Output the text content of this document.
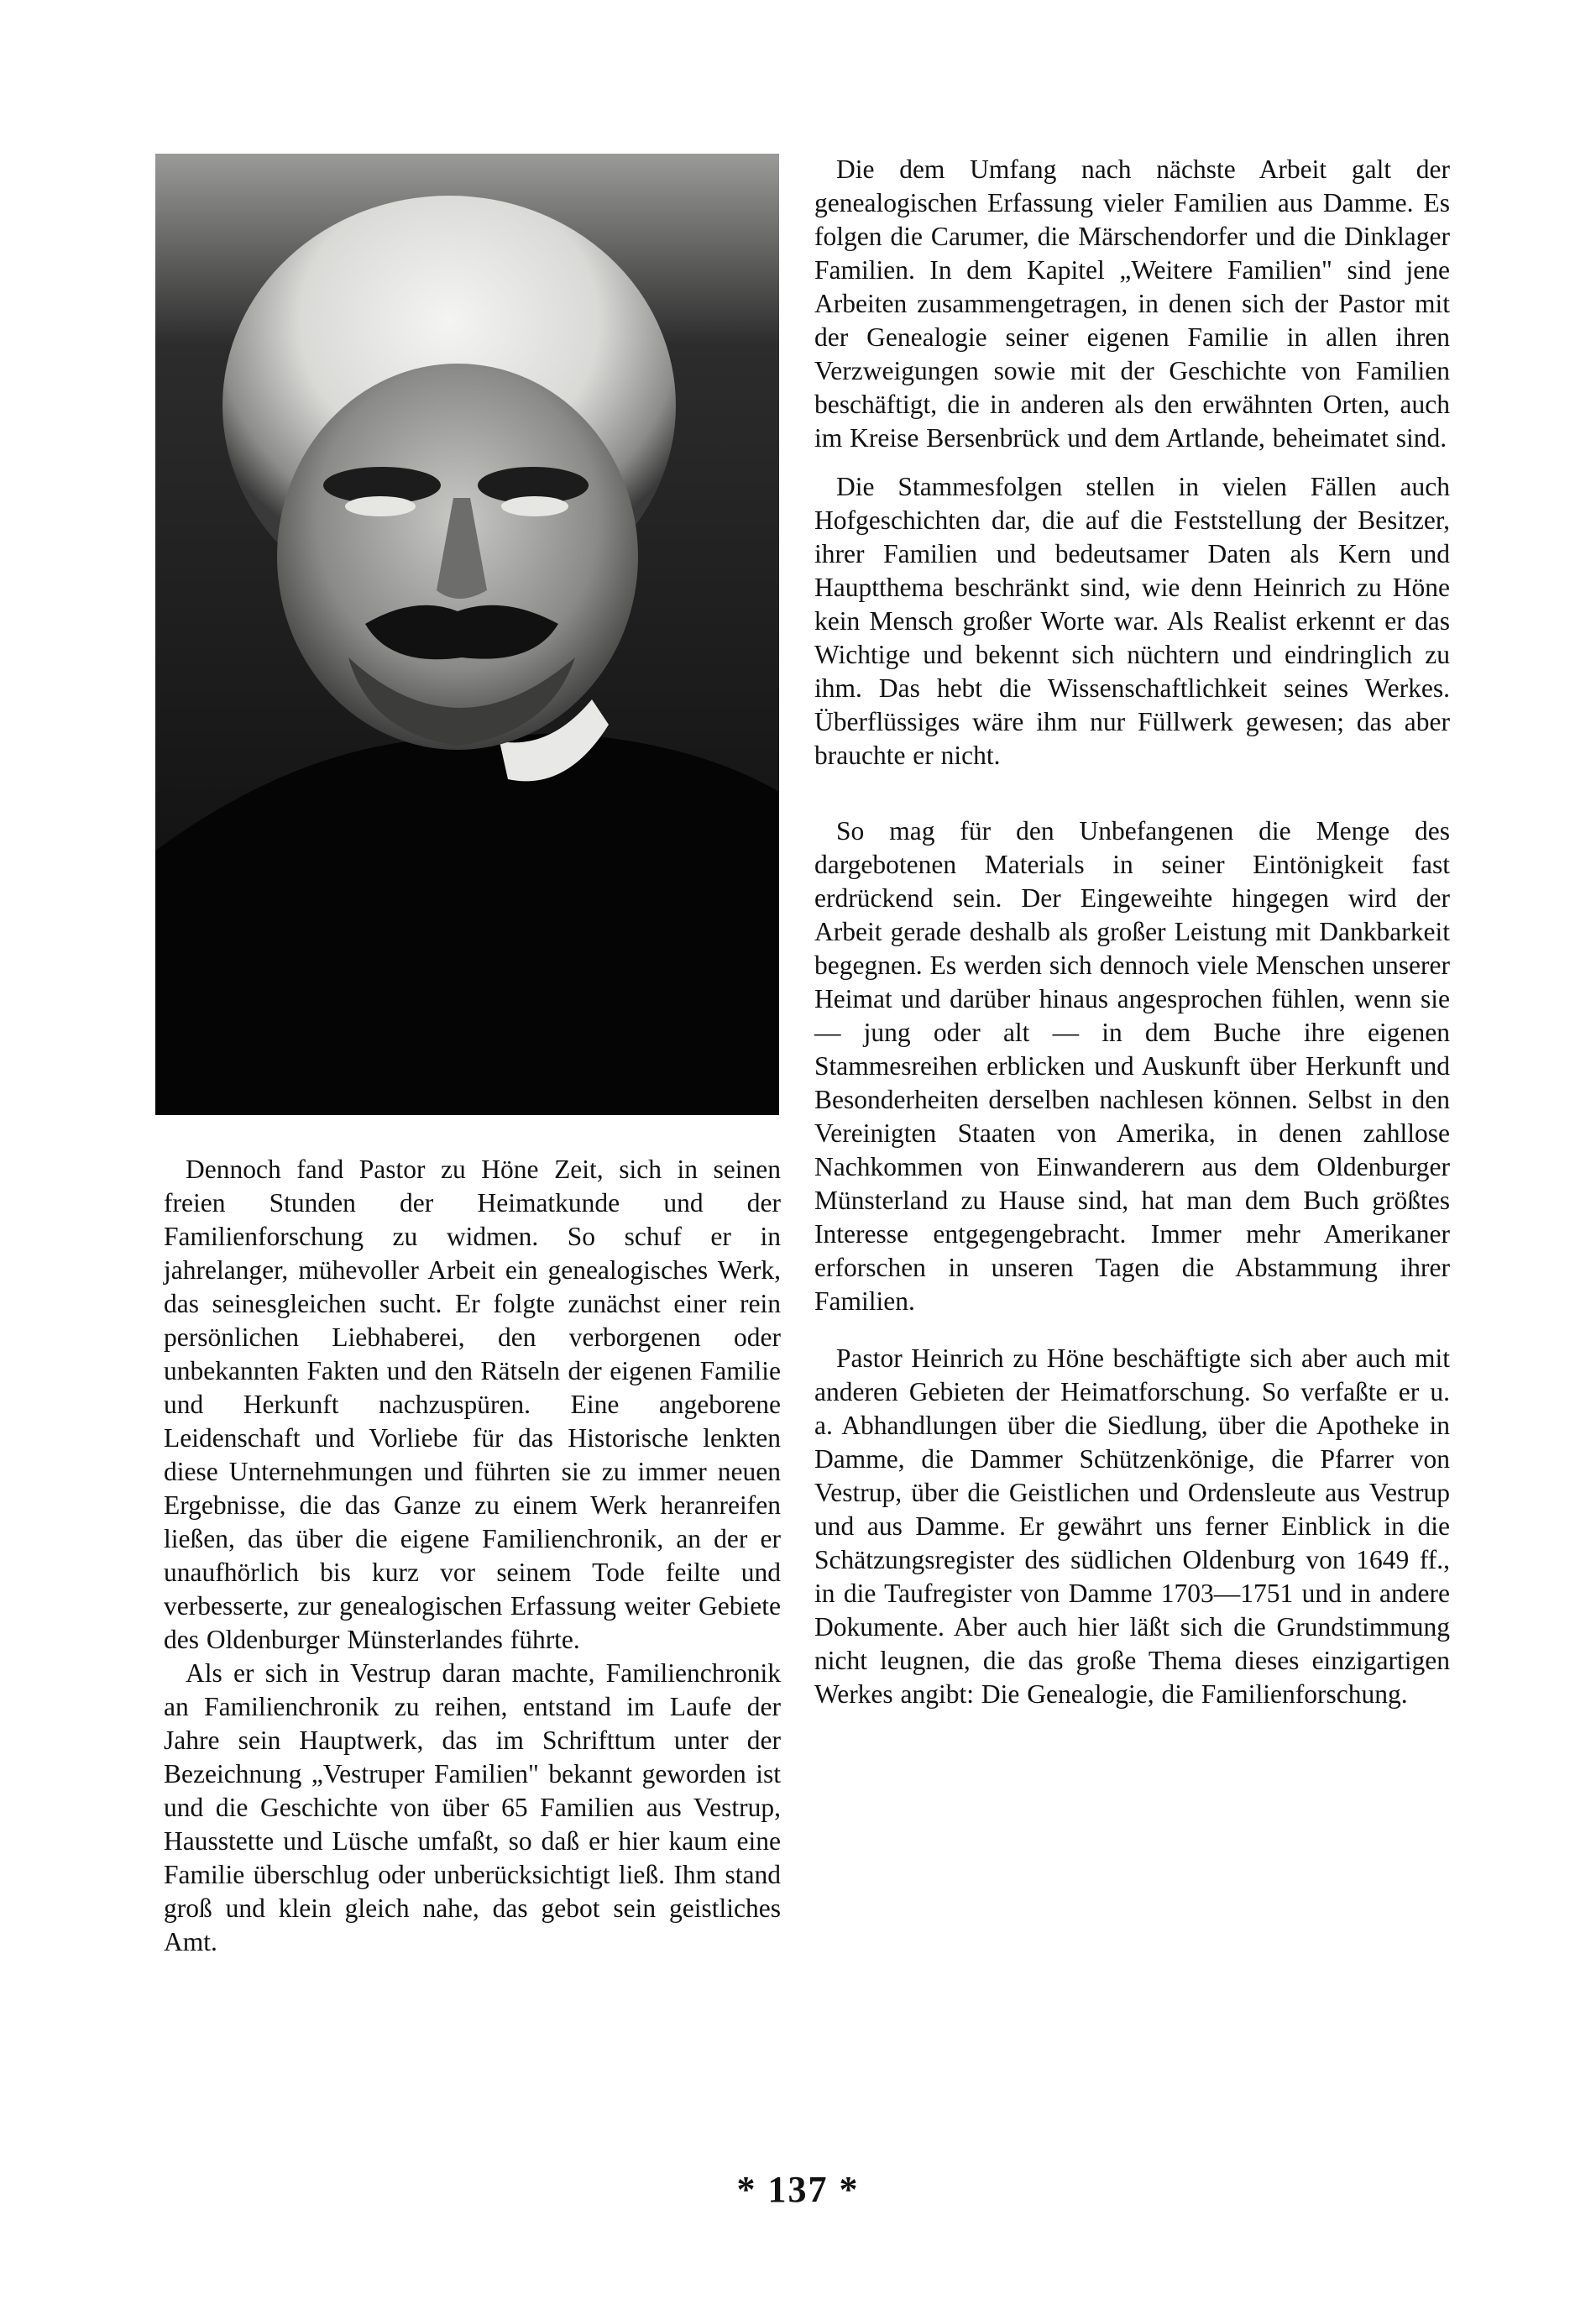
Dennoch fand Pastor zu Höne Zeit, sich in seinen freien Stunden der Heimatkunde und der Familienforschung zu widmen. So schuf er in jahrelanger, mühevoller Arbeit ein genealogisches Werk, das seinesgleichen sucht. Er folgte zunächst einer rein persönlichen Liebhaberei, den verborgenen oder unbekannten Fakten und den Rätseln der eigenen Familie und Herkunft nachzuspüren. Eine angeborene Leidenschaft und Vorliebe für das Historische lenkten diese Unternehmungen und führten sie zu immer neuen Ergebnisse, die das Ganze zu einem Werk heranreifen ließen, das über die eigene Familienchronik, an der er unaufhörlich bis kurz vor seinem Tode feilte und verbesserte, zur genealogischen Erfassung weiter Gebiete des Oldenburger Münsterlandes führte.

Als er sich in Vestrup daran machte, Familienchronik an Familienchronik zu reihen, entstand im Laufe der Jahre sein Hauptwerk, das im Schrifttum unter der Bezeichnung „Vestruper Familien" bekannt geworden ist und die Geschichte von über 65 Familien aus Vestrup, Hausstette und Lüsche umfaßt, so daß er hier kaum eine Familie überschlug oder unberücksichtigt ließ. Ihm stand groß und klein gleich nahe, das gebot sein geistliches Amt.

Die dem Umfang nach nächste Arbeit galt der genealogischen Erfassung vieler Familien aus Damme. Es folgen die Carumer, die Märschendorfer und die Dinklager Familien. In dem Kapitel „Weitere Familien" sind jene Arbeiten zusammengetragen, in denen sich der Pastor mit der Genealogie seiner eigenen Familie in allen ihren Verzweigungen sowie mit der Geschichte von Familien beschäftigt, die in anderen als den erwähnten Orten, auch im Kreise Bersenbrück und dem Artlande, beheimatet sind.

Die Stammesfolgen stellen in vielen Fällen auch Hofgeschichten dar, die auf die Feststellung der Besitzer, ihrer Familien und bedeutsamer Daten als Kern und Hauptthema beschränkt sind, wie denn Heinrich zu Höne kein Mensch großer Worte war. Als Realist erkennt er das Wichtige und bekennt sich nüchtern und eindringlich zu ihm. Das hebt die Wissenschaftlichkeit seines Werkes. Überflüssiges wäre ihm nur Füllwerk gewesen; das aber brauchte er nicht.

So mag für den Unbefangenen die Menge des dargebotenen Materials in seiner Eintönigkeit fast erdrückend sein. Der Eingeweihte hingegen wird der Arbeit gerade deshalb als großer Leistung mit Dankbarkeit begegnen. Es werden sich dennoch viele Menschen unserer Heimat und darüber hinaus angesprochen fühlen, wenn sie — jung oder alt — in dem Buche ihre eigenen Stammesreihen erblicken und Auskunft über Herkunft und Besonderheiten derselben nachlesen können. Selbst in den Vereinigten Staaten von Amerika, in denen zahllose Nachkommen von Einwanderern aus dem Oldenburger Münsterland zu Hause sind, hat man dem Buch größtes Interesse entgegengebracht. Immer mehr Amerikaner erforschen in unseren Tagen die Abstammung ihrer Familien.

Pastor Heinrich zu Höne beschäftigte sich aber auch mit anderen Gebieten der Heimatforschung. So verfaßte er u. a. Abhandlungen über die Siedlung, über die Apotheke in Damme, die Dammer Schützenkönige, die Pfarrer von Vestrup, über die Geistlichen und Ordensleute aus Vestrup und aus Damme. Er gewährt uns ferner Einblick in die Schätzungsregister des südlichen Oldenburg von 1649 ff., in die Taufregister von Damme 1703—1751 und in andere Dokumente. Aber auch hier läßt sich die Grundstimmung nicht leugnen, die das große Thema dieses einzigartigen Werkes angibt: Die Genealogie, die Familienforschung.

* 137 *
